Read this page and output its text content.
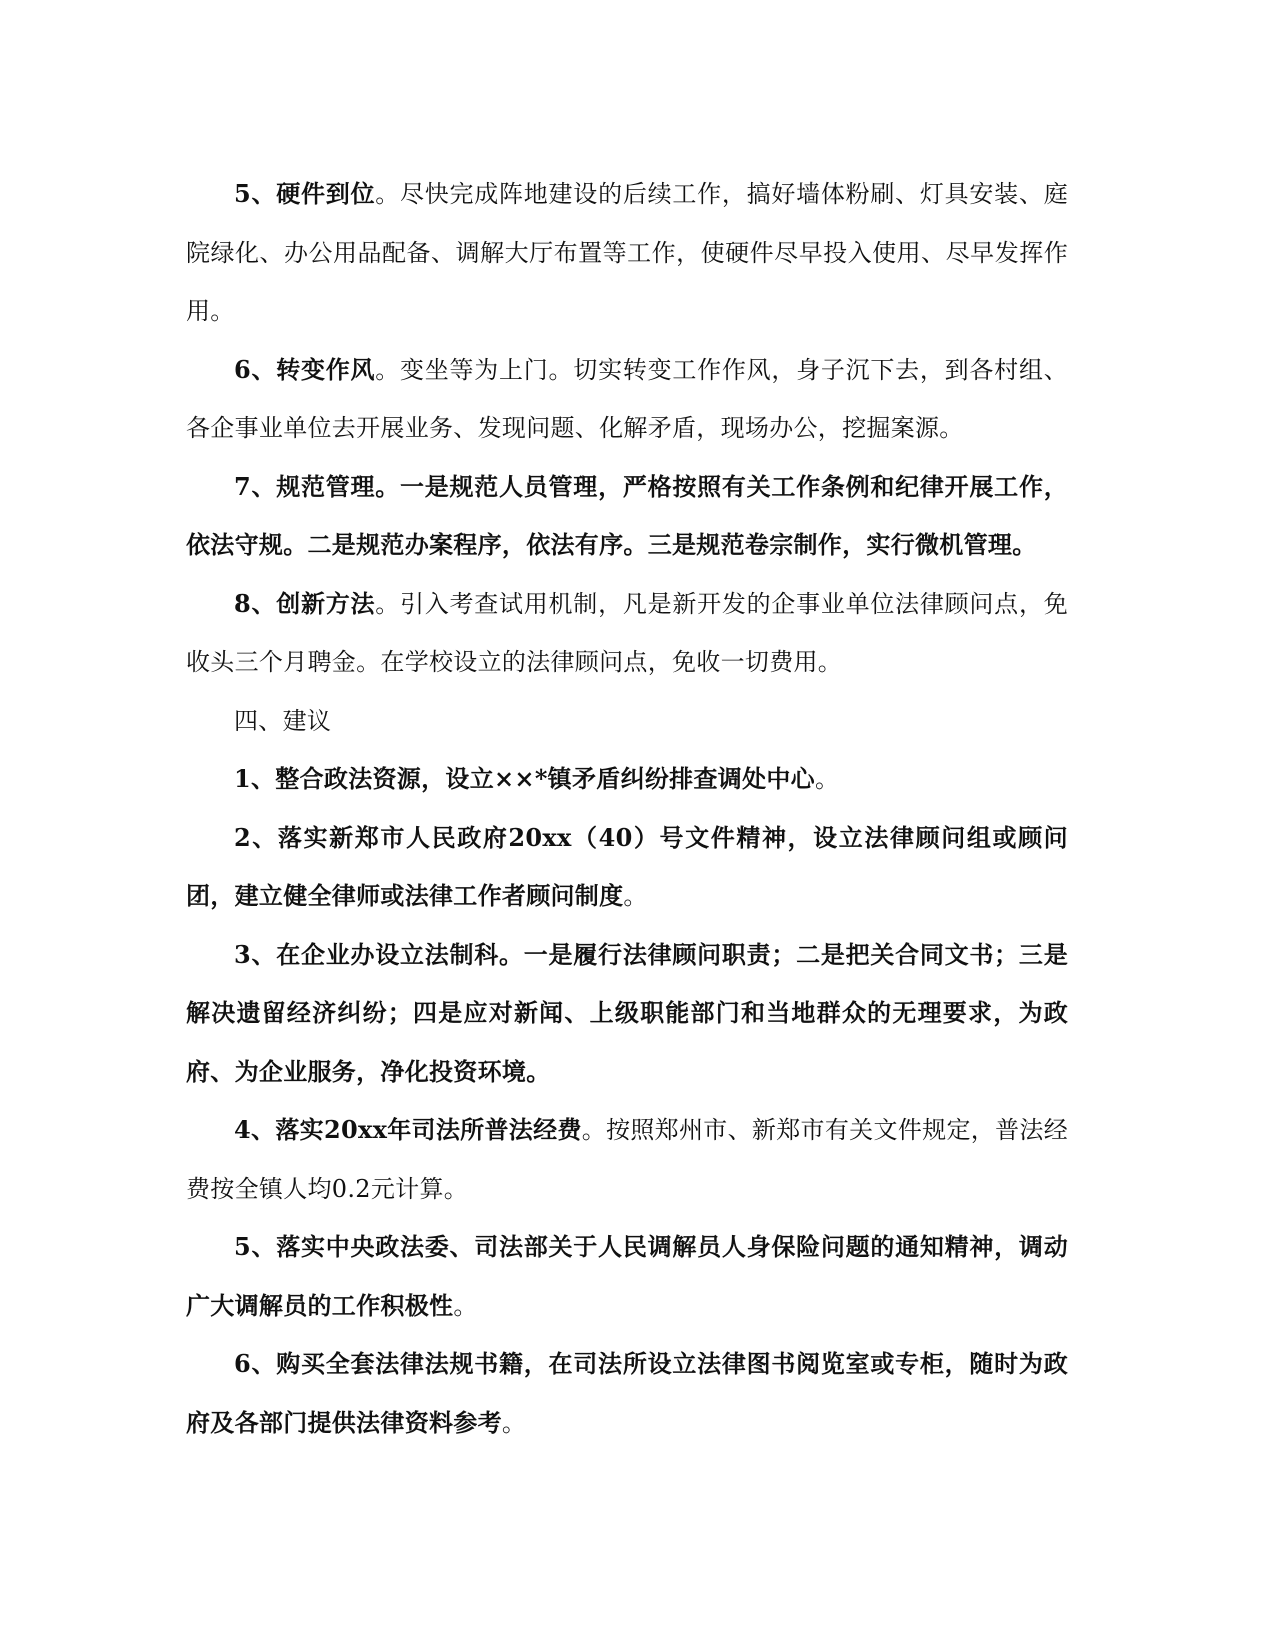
5、硬件到位。尽快完成阵地建设的后续工作，搞好墙体粉刷、灯具安装、庭院绿化、办公用品配备、调解大厅布置等工作，使硬件尽早投入使用、尽早发挥作用。

6、转变作风。变坐等为上门。切实转变工作作风，身子沉下去，到各村组、各企事业单位去开展业务、发现问题、化解矛盾，现场办公，挖掘案源。

7、规范管理。一是规范人员管理，严格按照有关工作条例和纪律开展工作，依法守规。二是规范办案程序，依法有序。三是规范卷宗制作，实行微机管理。

8、创新方法。引入考查试用机制，凡是新开发的企事业单位法律顾问点，免收头三个月聘金。在学校设立的法律顾问点，免收一切费用。

四、建议

1、整合政法资源，设立××*镇矛盾纠纷排查调处中心。

2、落实新郑市人民政府20xx（40）号文件精神，设立法律顾问组或顾问团，建立健全律师或法律工作者顾问制度。

3、在企业办设立法制科。一是履行法律顾问职责；二是把关合同文书；三是解决遗留经济纠纷；四是应对新闻、上级职能部门和当地群众的无理要求，为政府、为企业服务，净化投资环境。

4、落实20xx年司法所普法经费。按照郑州市、新郑市有关文件规定，普法经费按全镇人均0.2元计算。

5、落实中央政法委、司法部关于人民调解员人身保险问题的通知精神，调动广大调解员的工作积极性。

6、购买全套法律法规书籍，在司法所设立法律图书阅览室或专柜，随时为政府及各部门提供法律资料参考。
